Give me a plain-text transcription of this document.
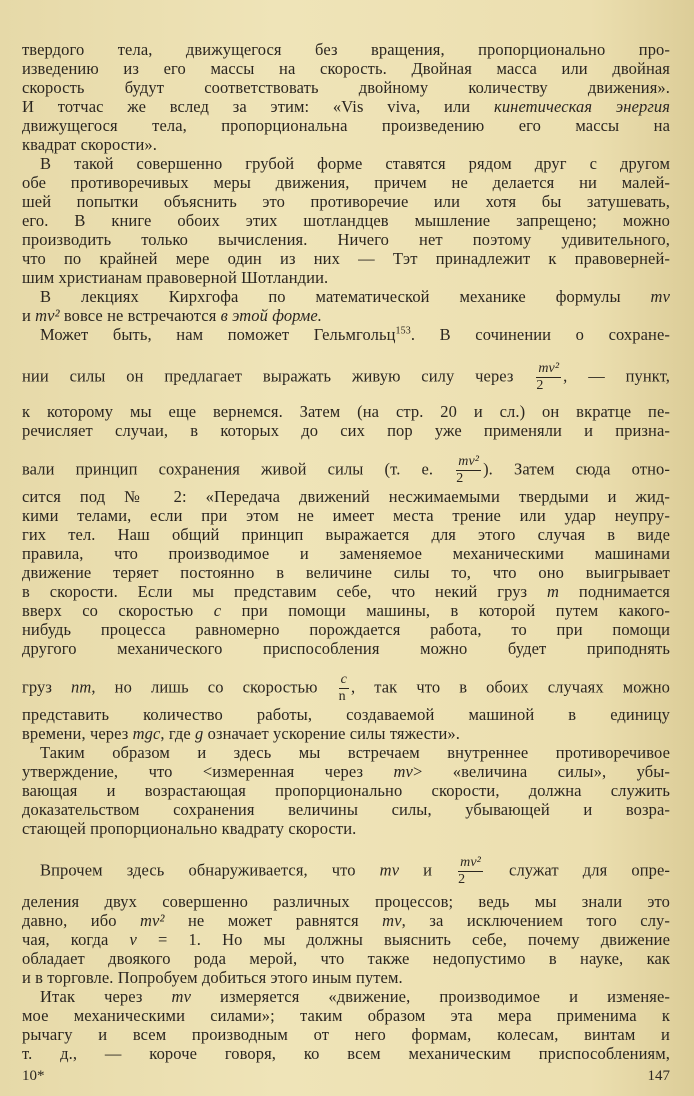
твердого тела, движущегося без вращения, пропорционально про-
изведению из его массы на скорость. Двойная масса или двойная
скорость будут соответствовать двойному количеству движения».
И тотчас же вслед за этим: «Vis viva, или кинетическая энергия
движущегося тела, пропорциональна произведению его массы на
квадрат скорости».
В такой совершенно грубой форме ставятся рядом друг с другом
обе противоречивых меры движения, причем не делается ни малей-
шей попытки объяснить это противоречие или хотя бы затушевать,
его. В книге обоих этих шотландцев мышление запрещено; можно
производить только вычисления. Ничего нет поэтому удивительного,
что по крайней мере один из них — Тэт принадлежит к правоверней-
шим христианам правоверной Шотландии.
В лекциях Кирхгофа по математической механике формулы mv
и mv² вовсе не встречаются в этой форме.
Может быть, нам поможет Гельмгольц$^{153}$. В сочинении о сохране-
нии силы он предлагает выражать живую силу через $\frac{\text{mv²}}{2}$ , — пункт,
к которому мы еще вернемся. Затем (на стр. 20 и сл.) он вкратце пе-
речисляет случаи, в которых до сих пор уже применяли и призна-
вали принцип сохранения живой силы (т. е. $\frac{\text{mv²}}{2}$ ). Затем сюда отно-
сится под № 2: «Передача движений несжимаемыми твердыми и жид-
кими телами, если при этом не имеет места трение или удар неупру-
гих тел. Наш общий принцип выражается для этого случая в виде
правила, что производимое и заменяемое механическими машинами
движение теряет постоянно в величине силы то, что оно выигрывает
в скорости. Если мы представим себе, что некий груз m поднимается
вверх со скоростью c при помощи машины, в которой путем какого-
нибудь процесса равномерно порождается работа, то при помощи
другого механического приспособления можно будет приподнять
груз nm, но лишь со скоростью $\frac{c}{n}$ , так что в обоих случаях можно
представить количество работы, создаваемой машиной в единицу
времени, через mgc, где g означает ускорение силы тяжести».
Таким образом и здесь мы встречаем внутреннее противоречивое
утверждение, что <измеренная через mv> «величина силы», убы-
вающая и возрастающая пропорционально скорости, должна служить
доказательством сохранения величины силы, убывающей и возра-
стающей пропорционально квадрату скорости.
Впрочем здесь обнаруживается, что mv и $\frac{\text{mv²}}{2}$ служат для опре-
деления двух совершенно различных процессов; ведь мы знали это
давно, ибо mv² не может равнятся mv, за исключением того слу-
чая, когда v = 1. Но мы должны выяснить себе, почему движение
обладает двоякого рода мерой, что также недопустимо в науке, как
и в торговле. Попробуем добиться этого иным путем.
Итак через mv измеряется «движение, производимое и изменяе-
мое механическими силами»; таким образом эта мера применима к
рычагу и всем производным от него формам, колесам, винтам и
т. д., — короче говоря, ко всем механическим приспособлениям,
10*	147
